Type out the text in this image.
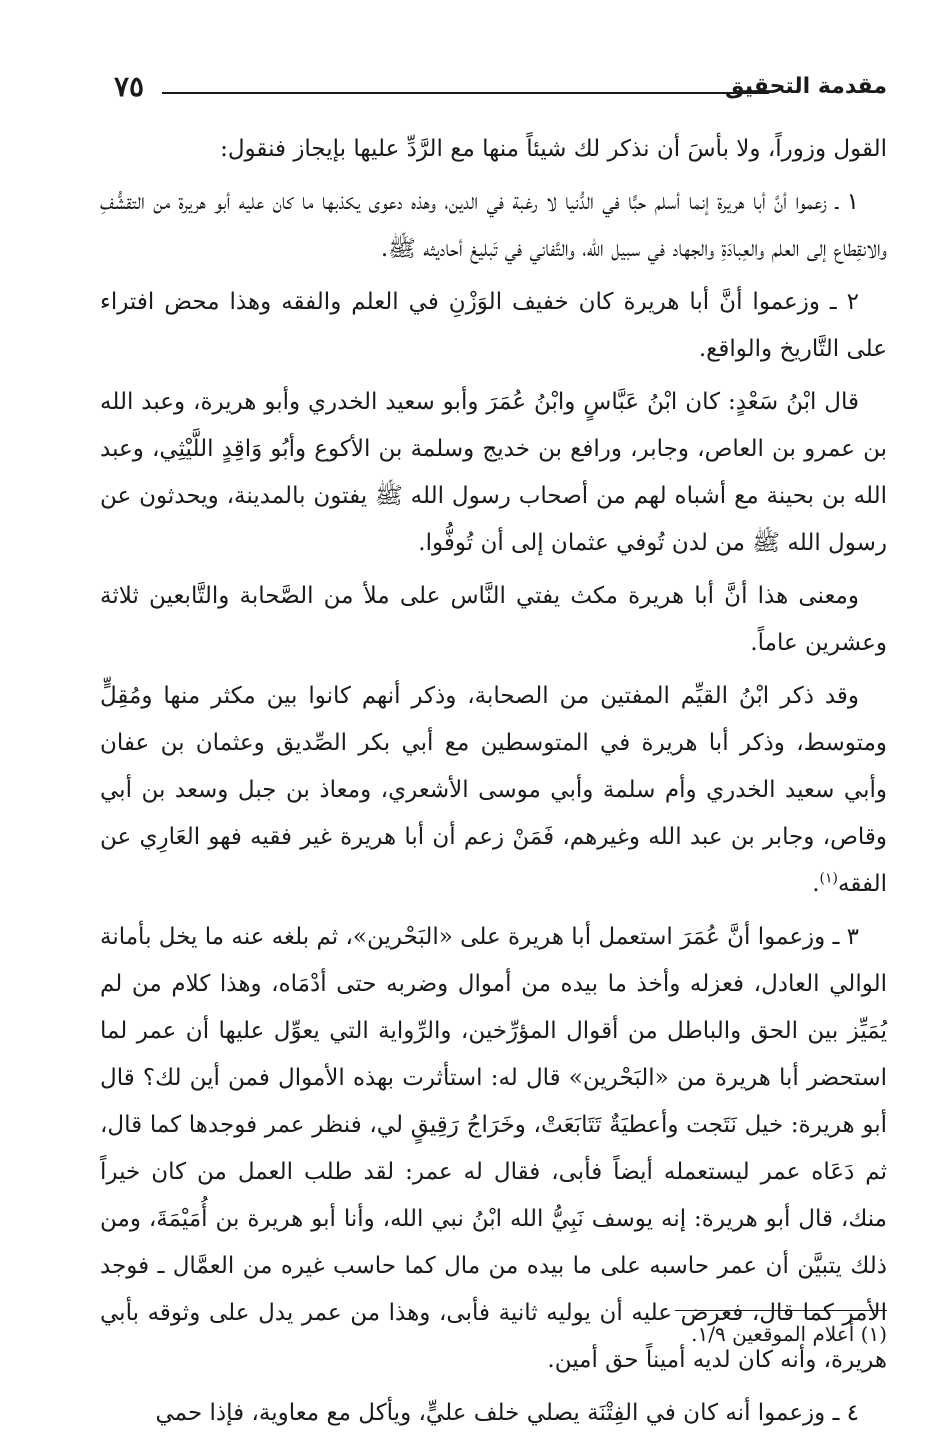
٧٥	مقدمة التحقيق

القول وزوراً، ولا بأسَ أن نذكر لك شيئاً منها مع الرَّدِّ عليها بإيجاز فنقول:

١ ـ زعموا أنَّ أبا هريرة إنما أسلم حبًّا في الدُّنيا لا رغبة في الدين، وهذه دعوى يكذبها ما كان عليه أبو هريرة من التقشُّفِ والانقِطاع إلى العلم والعِبادَةِ والجهاد في سبيل الله، والتَّفاني في تَبليغ أحاديثه ﷺ.

٢ ـ وزعموا أنَّ أبا هريرة كان خفيف الوَزْنِ في العلم والفقه وهذا محض افتراء على التَّاريخ والواقع.

قال ابْنُ سَعْدٍ: كان ابْنُ عَبَّاسٍ وابْنُ عُمَرَ وأبو سعيد الخدري وأبو هريرة، وعبد الله بن عمرو بن العاص، وجابر، ورافع بن خديج وسلمة بن الأكوع وأبُو وَاقِدٍ اللَّيْثِي، وعبد الله بن بحينة مع أشباه لهم من أصحاب رسول الله ﷺ يفتون بالمدينة، ويحدثون عن رسول الله ﷺ من لدن تُوفي عثمان إلى أن تُوفُّوا.

ومعنى هذا أنَّ أبا هريرة مكث يفتي النَّاس على ملأ من الصَّحابة والتَّابعين ثلاثة وعشرين عاماً.

وقد ذكر ابْنُ القيِّم المفتين من الصحابة، وذكر أنهم كانوا بين مكثر منها ومُقِلٍّ ومتوسط، وذكر أبا هريرة في المتوسطين مع أبي بكر الصِّديق وعثمان بن عفان وأبي سعيد الخدري وأم سلمة وأبي موسى الأشعري، ومعاذ بن جبل وسعد بن أبي وقاص، وجابر بن عبد الله وغيرهم، فَمَنْ زعم أن أبا هريرة غير فقيه فهو العَارِي عن الفقه$^{(١)}$.

٣ ـ وزعموا أنَّ عُمَرَ استعمل أبا هريرة على «البَحْرين»، ثم بلغه عنه ما يخل بأمانة الوالي العادل، فعزله وأخذ ما بيده من أموال وضربه حتى أدْمَاه، وهذا كلام من لم يُمَيِّز بين الحق والباطل من أقوال المؤرِّخين، والرِّواية التي يعوِّل عليها أن عمر لما استحضر أبا هريرة من «البَحْرين» قال له: استأثرت بهذه الأموال فمن أين لك؟ قال أبو هريرة: خيل نَتَجت وأعطيَةٌ تَتَابَعَتْ، وخَرَاجُ رَقِيقٍ لي، فنظر عمر فوجدها كما قال، ثم دَعَاه عمر ليستعمله أيضاً فأبى، فقال له عمر: لقد طلب العمل من كان خيراً منك، قال أبو هريرة: إنه يوسف نَبِيُّ الله ابْنُ نبي الله، وأنا أبو هريرة بن أُمَيْمَةَ، ومن ذلك يتبيَّن أن عمر حاسبه على ما بيده من مال كما حاسب غيره من العمَّال ـ فوجد الأمر كما قال، فعرض عليه أن يوليه ثانية فأبى، وهذا من عمر يدل على وثوقه بأبي هريرة، وأنه كان لديه أميناً حق أمين.

٤ ـ وزعموا أنه كان في الفِتْنَة يصلي خلف عليٍّ، ويأكل مع معاوية، فإذا حمي

(١) أعلام الموقعين ١/٩.
